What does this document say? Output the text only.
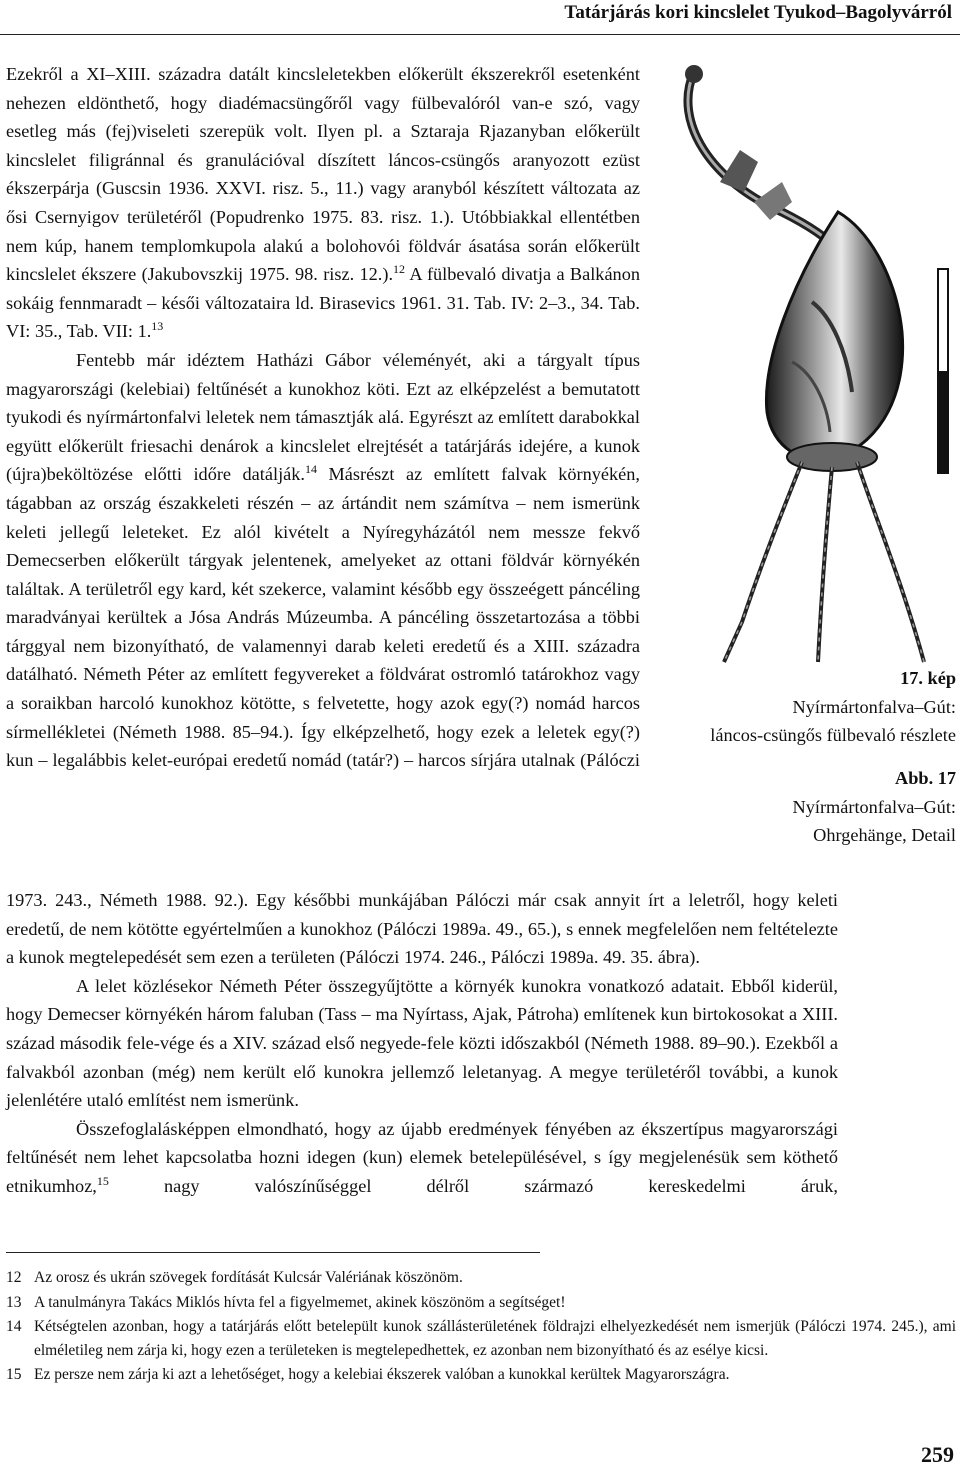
Tatárjárás kori kincslelet Tyukod–Bagolyvárról

Ezekről a XI–XIII. századra datált kincsleletekben előkerült ékszerekről esetenként nehezen eldönthető, hogy diadémacsüngőről vagy fülbevalóról van-e szó, vagy esetleg más (fej)viseleti szerepük volt. Ilyen pl. a Sztaraja Rjazanyban előkerült kincslelet filigránnal és granulációval díszített láncos-csüngős aranyozott ezüst ékszerpárja (Guscsin 1936. XXVI. risz. 5., 11.) vagy aranyból készített változata az ősi Csernyigov területéről (Popudrenko 1975. 83. risz. 1.). Utóbbiakkal ellentétben nem kúp, hanem templomkupola alakú a bolohovói földvár ásatása során előkerült kincslelet ékszere (Jakubovszkij 1975. 98. risz. 12.).$^{12}$ A fülbevaló divatja a Balkánon sokáig fennmaradt – késői változataira ld. Birasevics 1961. 31. Tab. IV: 2–3., 34. Tab. VI: 35., Tab. VII: 1.13

Fentebb már idéztem Hatházi Gábor véleményét, aki a tárgyalt típus magyarországi (kelebiai) feltűnését a kunokhoz köti. Ezt az elképzelést a bemutatott tyukodi és nyírmártonfalvi leletek nem támasztják alá. Egyrészt az említett darabokkal együtt előkerült friesachi denárok a kincslelet elrejtését a tatárjárás idejére, a kunok (újra)beköltözése előtti időre datálják.$^{14}$ Másrészt az említett falvak környékén, tágabban az ország északkeleti részén – az ártándit nem számítva – nem ismerünk keleti jellegű leleteket. Ez alól kivételt a Nyíregyházától nem messze fekvő Demecserben előkerült tárgyak jelentenek, amelyeket az ottani földvár környékén találtak. A területről egy kard, két szekerce, valamint később egy összeégett páncéling maradványai kerültek a Jósa András Múzeumba. A páncéling összetartozása a többi tárggyal nem bizonyítható, de valamennyi darab keleti eredetű és a XIII. századra datálható. Németh Péter az említett fegyvereket a földvárat ostromló tatárokhoz vagy a soraikban harcoló kunokhoz kötötte, s felvetette, hogy azok egy(?) nomád harcos sírmellékletei (Németh 1988. 85–94.). Így elképzelhető, hogy ezek a leletek egy(?) kun – legalábbis kelet-európai eredetű nomád (tatár?) – harcos sírjára utalnak (Pálóczi

17. kép
Nyírmártonfalva–Gút:
láncos-csüngős fülbevaló részlete
Abb. 17
Nyírmártonfalva–Gút:
Ohrgehänge, Detail

1973. 243., Németh 1988. 92.). Egy későbbi munkájában Pálóczi már csak annyit írt a leletről, hogy keleti eredetű, de nem kötötte egyértelműen a kunokhoz (Pálóczi 1989a. 49., 65.), s ennek megfelelően nem feltételezte a kunok megtelepedését sem ezen a területen (Pálóczi 1974. 246., Pálóczi 1989a. 49. 35. ábra).

A lelet közlésekor Németh Péter összegyűjtötte a környék kunokra vonatkozó adatait. Ebből kiderül, hogy Demecser környékén három faluban (Tass – ma Nyírtass, Ajak, Pátroha) említenek kun birtokosokat a XIII. század második fele-vége és a XIV. század első negyede-fele közti időszakból (Németh 1988. 89–90.). Ezekből a falvakból azonban (még) nem került elő kunokra jellemző leletanyag. A megye területéről további, a kunok jelenlétére utaló említést nem ismerünk.

Összefoglalásképpen elmondható, hogy az újabb eredmények fényében az ékszertípus magyarországi feltűnését nem lehet kapcsolatba hozni idegen (kun) elemek betelepülésével, s így megjelenésük sem köthető etnikumhoz,$^{15}$ nagy valószínűséggel délről származó kereskedelmi áruk,

12 Az orosz és ukrán szövegek fordítását Kulcsár Valériának köszönöm.
13 A tanulmányra Takács Miklós hívta fel a figyelmemet, akinek köszönöm a segítséget!
14 Kétségtelen azonban, hogy a tatárjárás előtt betelepült kunok szállásterületének földrajzi elhelyezkedését nem ismerjük (Pálóczi 1974. 245.), ami elméletileg nem zárja ki, hogy ezen a területeken is megtelepedhettek, ez azonban nem bizonyítható és az esélye kicsi.
15 Ez persze nem zárja ki azt a lehetőséget, hogy a kelebiai ékszerek valóban a kunokkal kerültek Magyarországra.
259
